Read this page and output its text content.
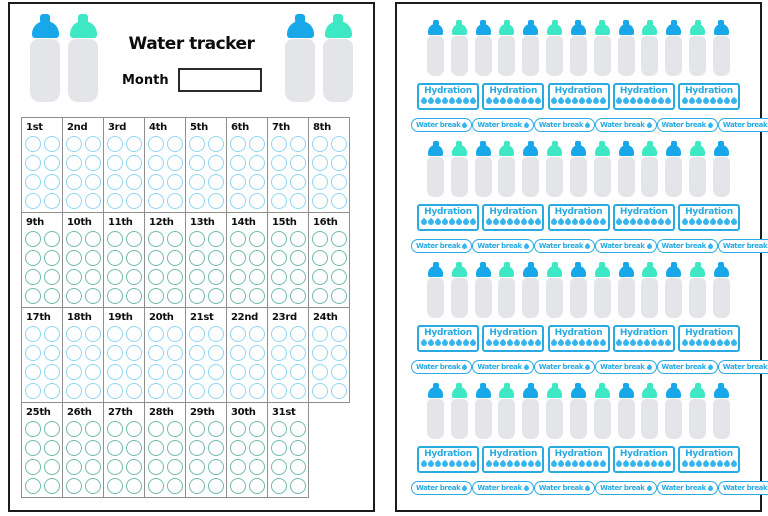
Water tracker
Month
1st	2nd	3rd	4th	5th	6th	7th	8th
9th	10th	11th	12th	13th	14th	15th	16th
17th	18th	19th	20th	21st	22nd	23rd	24th
25th	26th	27th	28th	29th	30th	31st
Hydration	Hydration	Hydration	Hydration	Hydration
Water break Water break Water break Water break Water break Water break
Hydration	Hydration	Hydration	Hydration	Hydration
Water break Water break Water break Water break Water break Water break
Hydration	Hydration	Hydration	Hydration	Hydration
Water break Water break Water break Water break Water break Water break
Hydration	Hydration	Hydration	Hydration	Hydration
Water break Water break Water break Water break Water break Water break
